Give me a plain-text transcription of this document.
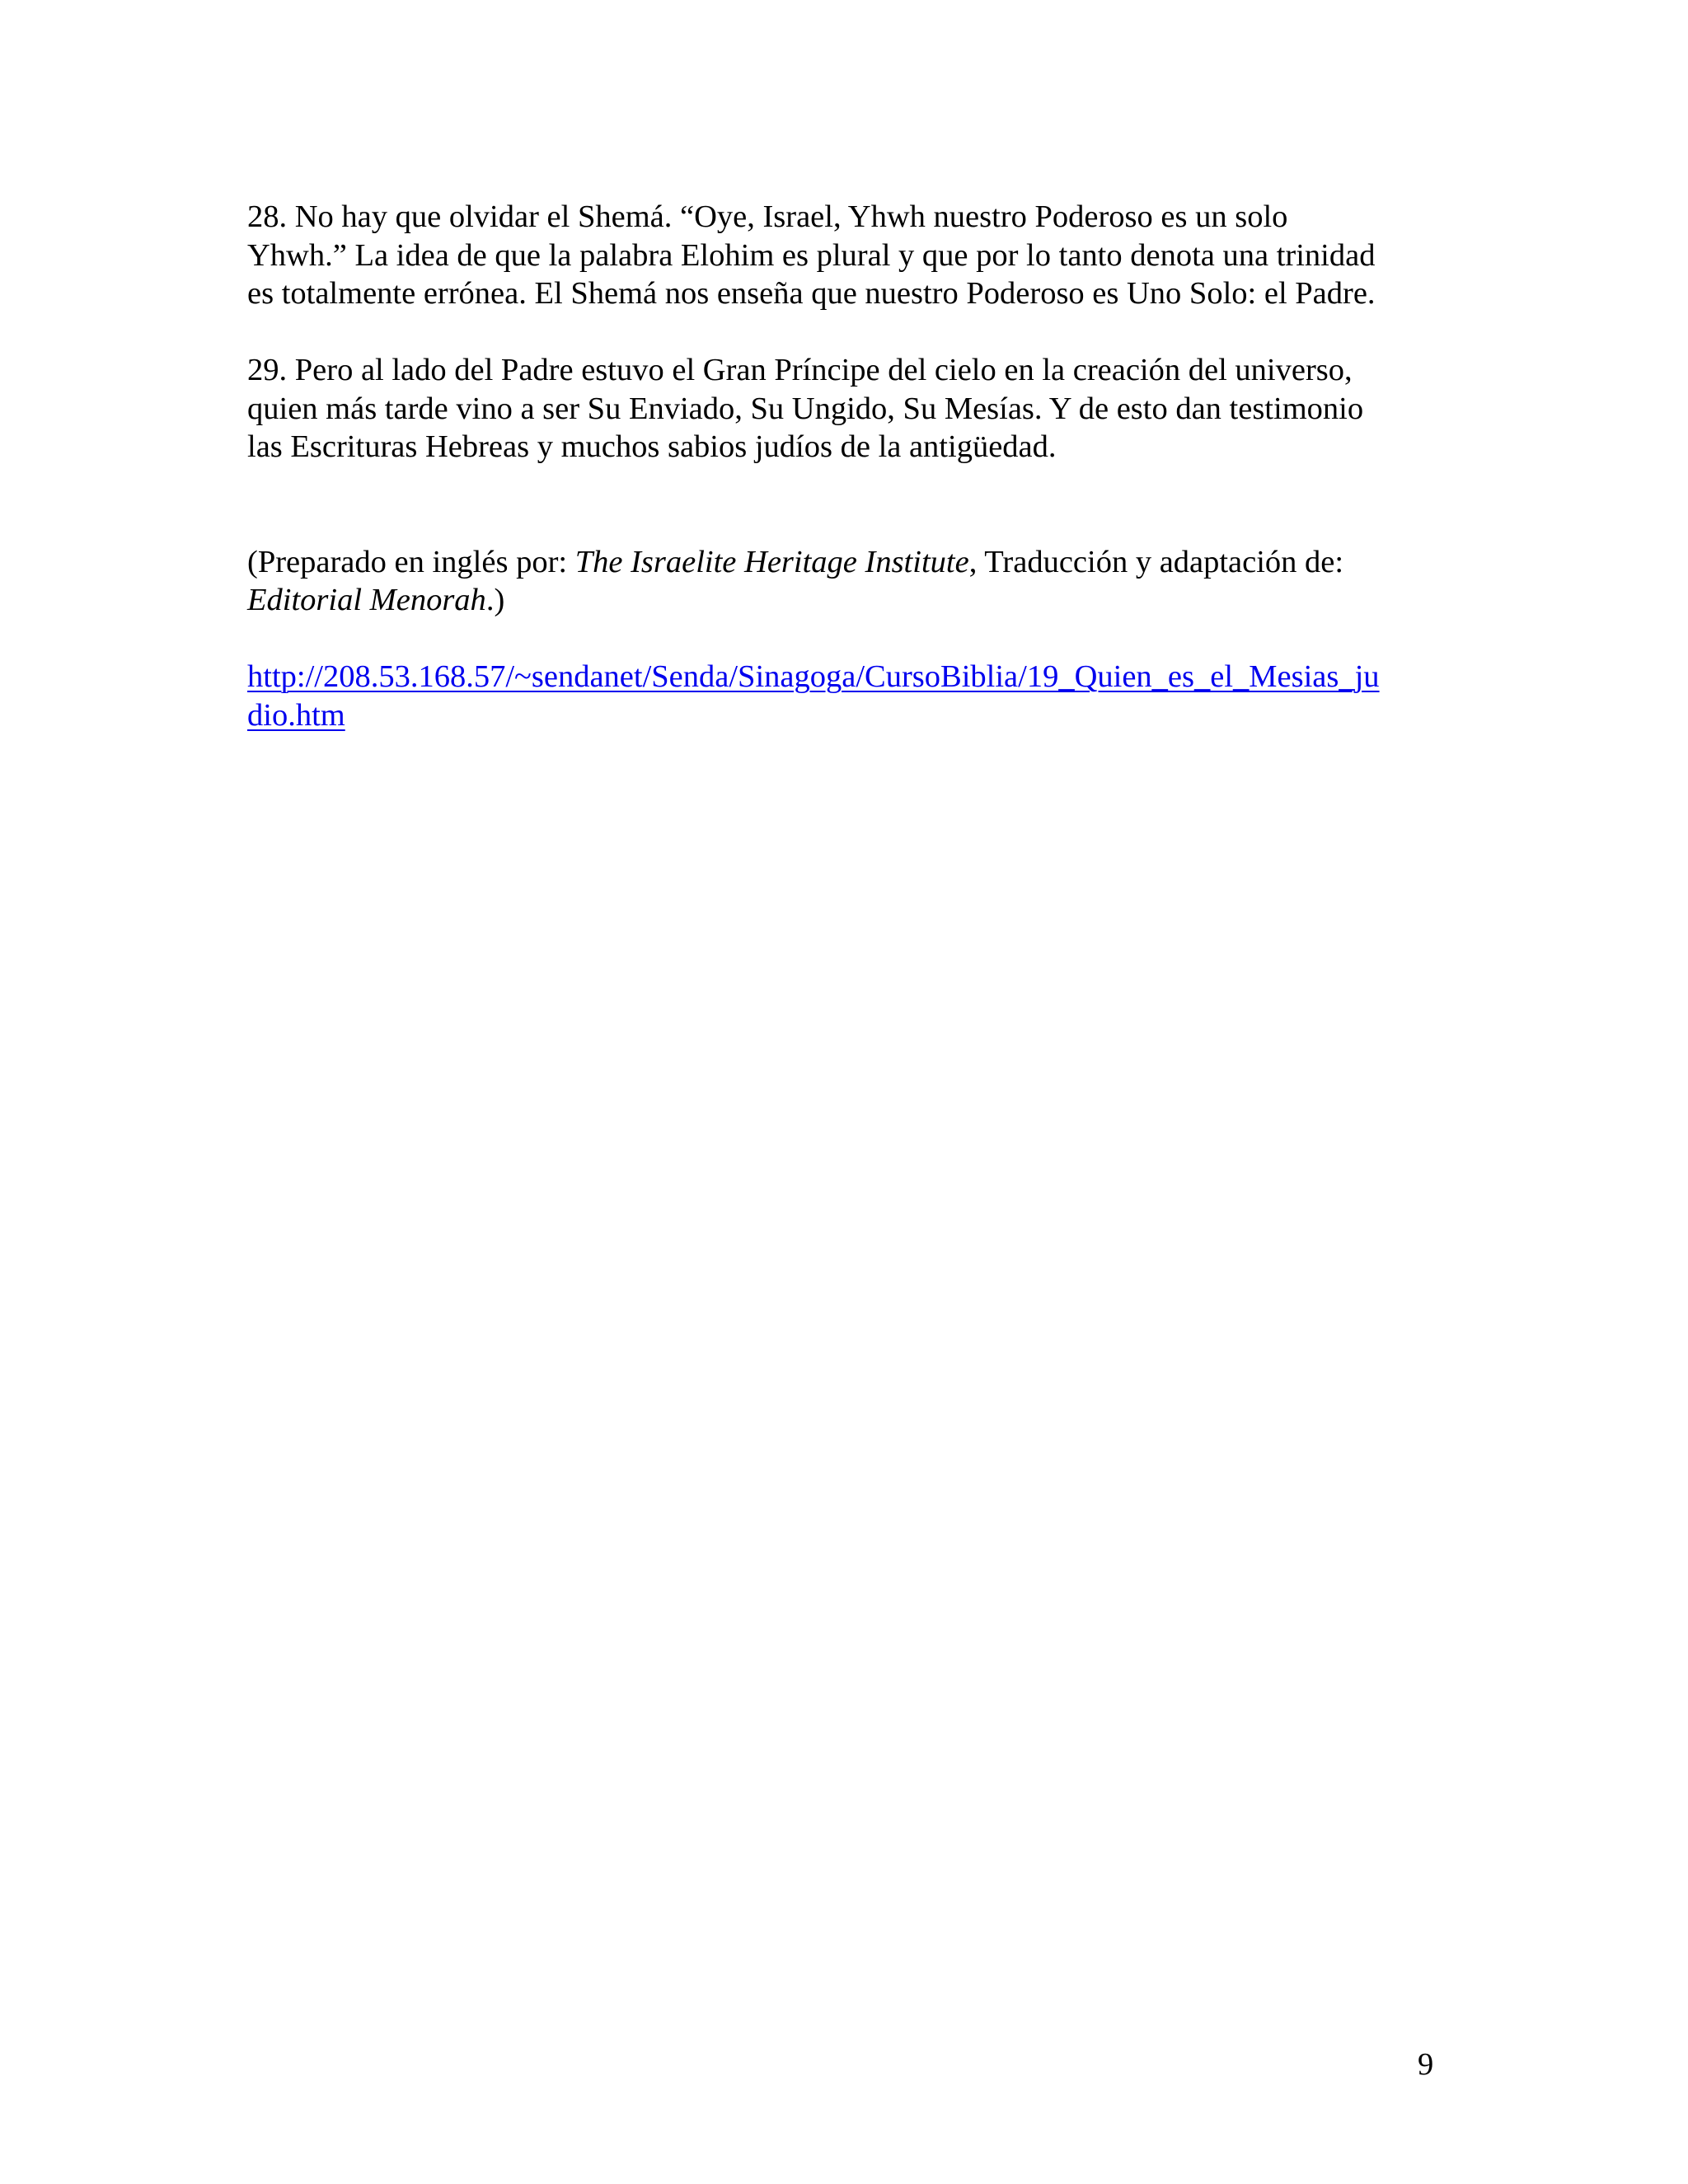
28. No hay que olvidar el Shemá. “Oye, Israel, Yhwh nuestro Poderoso es un solo
Yhwh.” La idea de que la palabra Elohim es plural y que por lo tanto denota una trinidad
es totalmente errónea. El Shemá nos enseña que nuestro Poderoso es Uno Solo: el Padre.

29. Pero al lado del Padre estuvo el Gran Príncipe del cielo en la creación del universo,
quien más tarde vino a ser Su Enviado, Su Ungido, Su Mesías. Y de esto dan testimonio
las Escrituras Hebreas y muchos sabios judíos de la antigüedad.

(Preparado en inglés por: The Israelite Heritage Institute, Traducción y adaptación de:
Editorial Menorah.)

http://208.53.168.57/~sendanet/Senda/Sinagoga/CursoBiblia/19_Quien_es_el_Mesias_ju
dio.htm
9
